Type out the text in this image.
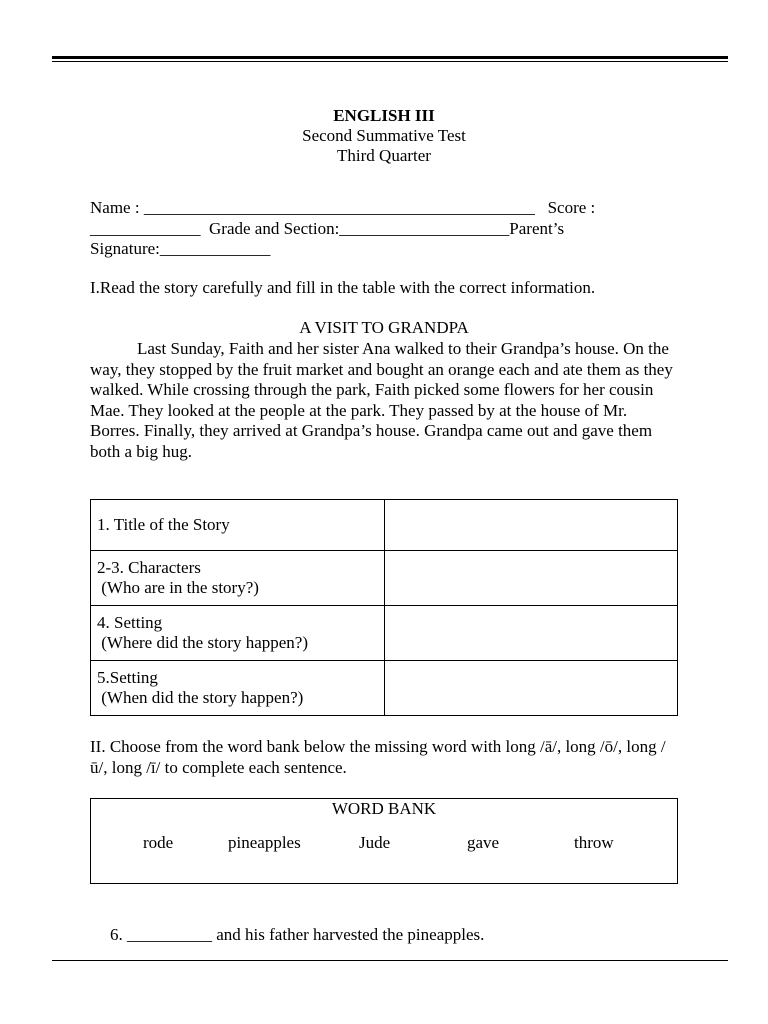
ENGLISH III
Second Summative Test
Third Quarter
Name : ______________________________________________   Score :
_____________  Grade and Section:____________________Parent’s
Signature:_____________
I.Read the story carefully and fill in the table with the correct information.
A VISIT TO GRANDPA

Last Sunday, Faith and her sister Ana walked to their Grandpa’s house. On the way, they stopped by the fruit market and bought an orange each and ate them as they walked. While crossing through the park, Faith picked some flowers for her cousin Mae. They looked at the people at the park. They passed by at the house of Mr. Borres. Finally, they arrived at Grandpa’s house. Grandpa came out and gave them both a big hug.

1. Title of the Story	

2-3. Characters
(Who are in the story?)	

4. Setting
(Where did the story happen?)	

5.Setting
(When did the story happen?)	

II. Choose from the word bank below the missing word with long /ā/, long /ō/, long /ū/, long /ī/ to complete each sentence.
WORD BANK
rode	pineapples	Jude	gave	throw
6. __________ and his father harvested the pineapples.
